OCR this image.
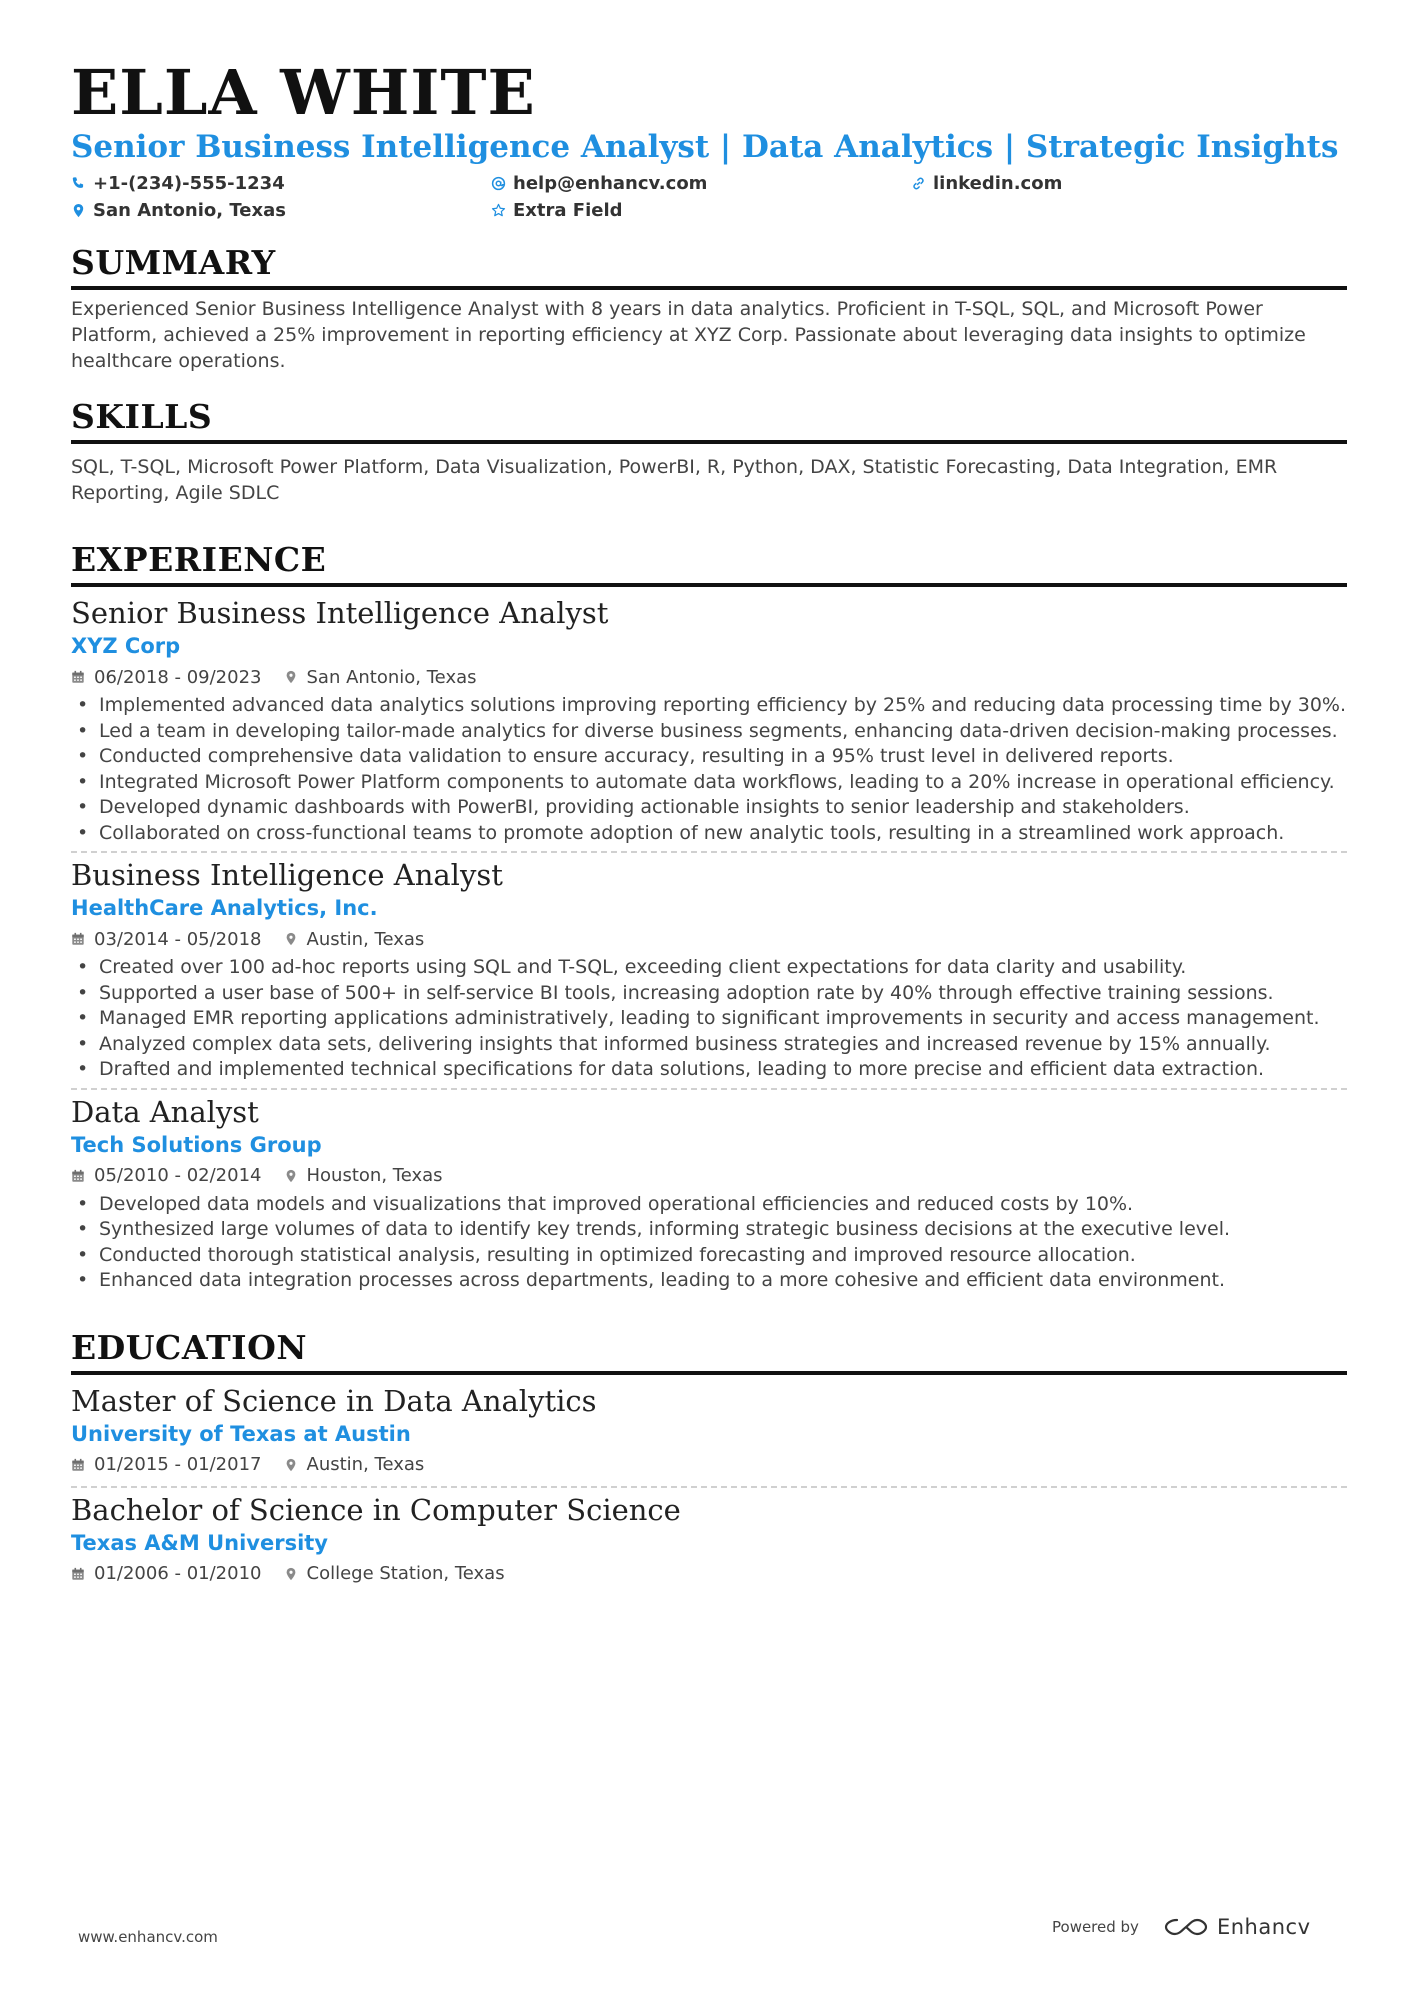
ELLA WHITE

Senior Business Intelligence Analyst | Data Analytics | Strategic Insights

+1-(234)-555-1234	help@enhancv.com	linkedin.com
San Antonio, Texas	Extra Field
SUMMARY

Experienced Senior Business Intelligence Analyst with 8 years in data analytics. Proficient in T-SQL, SQL, and Microsoft Power Platform, achieved a 25% improvement in reporting efficiency at XYZ Corp. Passionate about leveraging data insights to optimize healthcare operations.

SKILLS

SQL, T-SQL, Microsoft Power Platform, Data Visualization, PowerBI, R, Python, DAX, Statistic Forecasting, Data Integration, EMR Reporting, Agile SDLC

EXPERIENCE

Senior Business Intelligence Analyst

XYZ Corp

06/2018 - 09/2023	San Antonio, Texas
• Implemented advanced data analytics solutions improving reporting efficiency by 25% and reducing data processing time by 30%.
• Led a team in developing tailor-made analytics for diverse business segments, enhancing data-driven decision-making processes.
• Conducted comprehensive data validation to ensure accuracy, resulting in a 95% trust level in delivered reports.
• Integrated Microsoft Power Platform components to automate data workflows, leading to a 20% increase in operational efficiency.
• Developed dynamic dashboards with PowerBI, providing actionable insights to senior leadership and stakeholders.
• Collaborated on cross-functional teams to promote adoption of new analytic tools, resulting in a streamlined work approach.

Business Intelligence Analyst

HealthCare Analytics, Inc.

03/2014 - 05/2018	Austin, Texas
• Created over 100 ad-hoc reports using SQL and T-SQL, exceeding client expectations for data clarity and usability.
• Supported a user base of 500+ in self-service BI tools, increasing adoption rate by 40% through effective training sessions.
• Managed EMR reporting applications administratively, leading to significant improvements in security and access management.
• Analyzed complex data sets, delivering insights that informed business strategies and increased revenue by 15% annually.
• Drafted and implemented technical specifications for data solutions, leading to more precise and efficient data extraction.

Data Analyst

Tech Solutions Group

05/2010 - 02/2014	Houston, Texas
• Developed data models and visualizations that improved operational efficiencies and reduced costs by 10%.
• Synthesized large volumes of data to identify key trends, informing strategic business decisions at the executive level.
• Conducted thorough statistical analysis, resulting in optimized forecasting and improved resource allocation.
• Enhanced data integration processes across departments, leading to a more cohesive and efficient data environment.
EDUCATION

Master of Science in Data Analytics

University of Texas at Austin

01/2015 - 01/2017	Austin, Texas

Bachelor of Science in Computer Science

Texas A&M University

01/2006 - 01/2010	College Station, Texas
www.enhancv.com
Powered by	Enhancv
